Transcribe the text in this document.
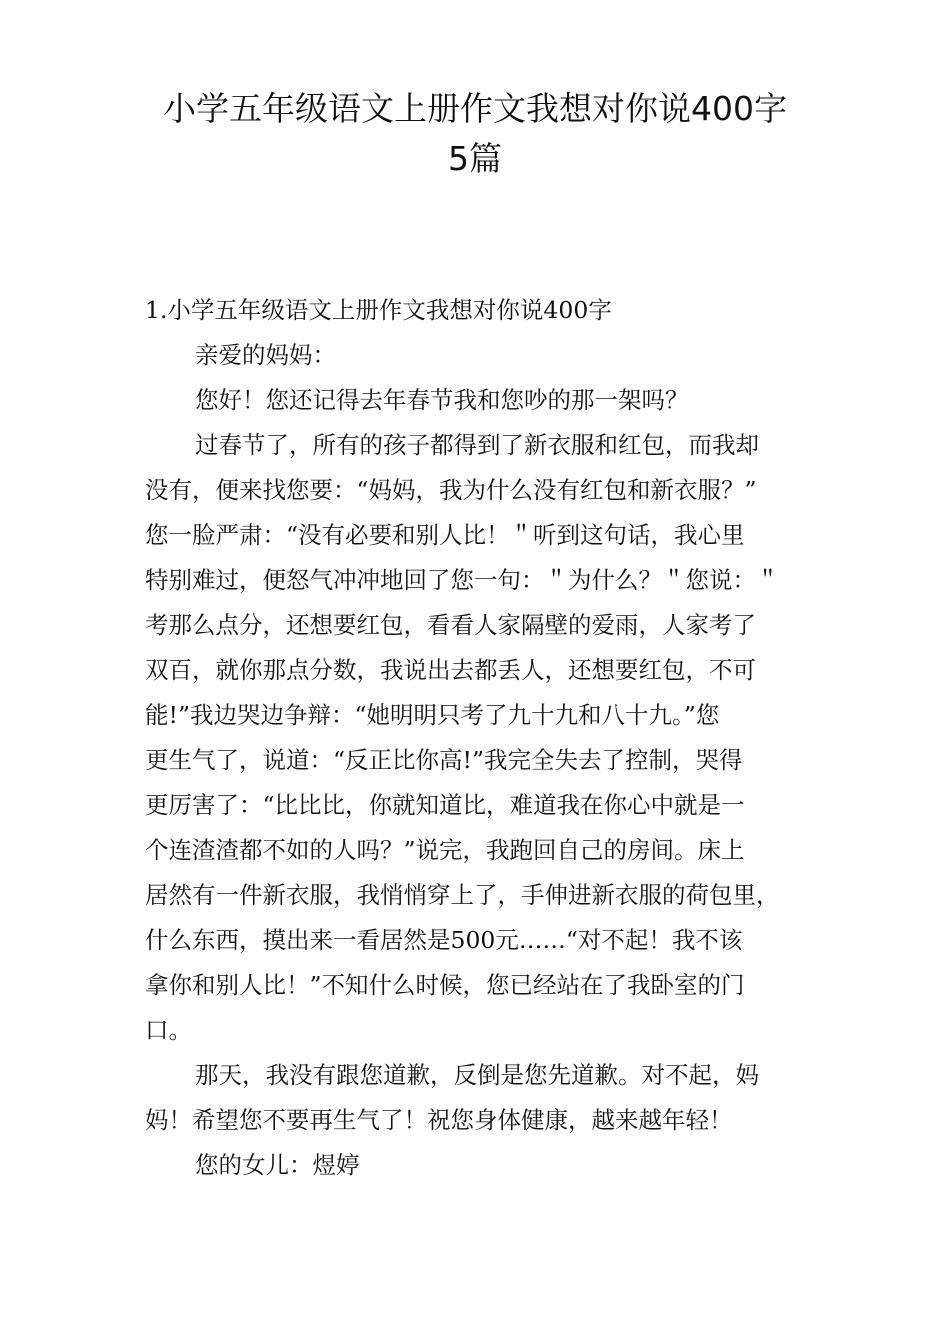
小学五年级语文上册作文我想对你说400字
5篇

1.小学五年级语文上册作文我想对你说400字

亲爱的妈妈：

您好！您还记得去年春节我和您吵的那一架吗？

过春节了，所有的孩子都得到了新衣服和红包，而我却

没有，便来找您要：“妈妈，我为什么没有红包和新衣服？”

您一脸严肃：“没有必要和别人比！＂听到这句话，我心里

特别难过，便怒气冲冲地回了您一句：＂为什么？＂您说：＂

考那么点分，还想要红包，看看人家隔壁的爱雨，人家考了

双百，就你那点分数，我说出去都丢人，还想要红包，不可

能!”我边哭边争辩：“她明明只考了九十九和八十九。”您

更生气了，说道：“反正比你高!”我完全失去了控制，哭得

更厉害了：“比比比，你就知道比，难道我在你心中就是一

个连渣渣都不如的人吗？”说完，我跑回自己的房间。床上

居然有一件新衣服，我悄悄穿上了，手伸进新衣服的荷包里，

什么东西，摸出来一看居然是500元……“对不起！我不该

拿你和别人比！”不知什么时候，您已经站在了我卧室的门

口。

那天，我没有跟您道歉，反倒是您先道歉。对不起，妈

妈！希望您不要再生气了！祝您身体健康，越来越年轻！

您的女儿：煜婷
